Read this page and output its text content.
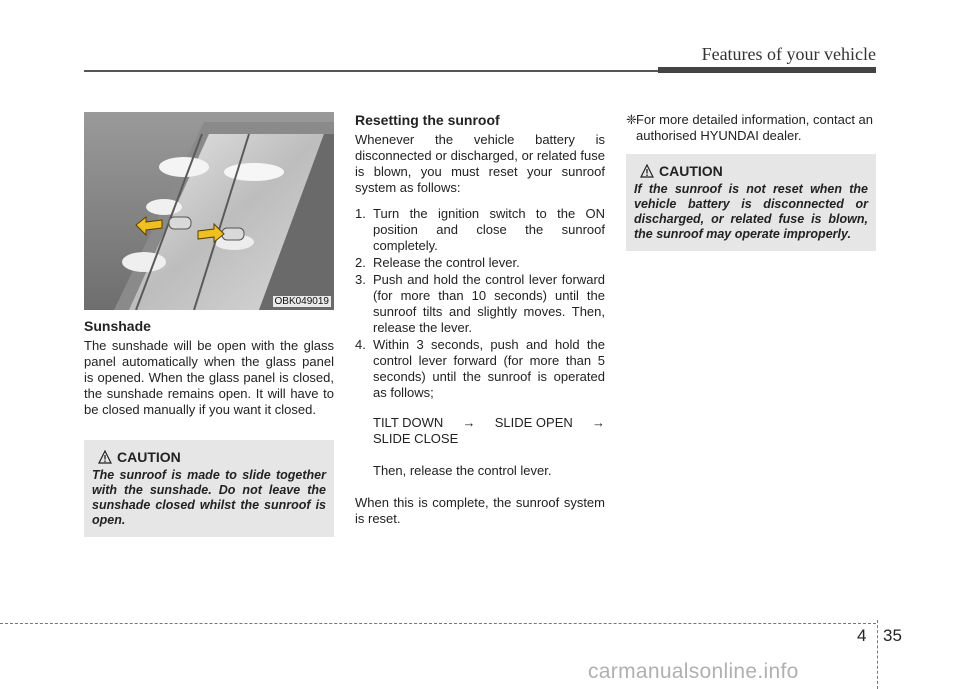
Features of your vehicle
OBK049019
Sunshade

The sunshade will be open with the glass panel automatically when the glass panel is opened. When the glass panel is closed, the sunshade remains open. It will have to be closed manually if you want it closed.

CAUTION
The sunroof is made to slide together with the sunshade. Do not leave the sunshade closed whilst the sunroof is open.
Resetting the sunroof

Whenever the vehicle battery is disconnected or discharged, or related fuse is blown, you must reset your sunroof system as follows:

1. Turn the ignition switch to the ON position and close the sunroof completely.
2. Release the control lever.
3. Push and hold the control lever forward (for more than 10 seconds) until the sunroof tilts and slightly moves. Then, release the lever.
4. Within 3 seconds, push and hold the control lever forward (for more than 5 seconds) until the sunroof is operated as follows;
TILT DOWN → SLIDE OPEN →
SLIDE CLOSE
Then, release the control lever.
When this is complete, the sunroof system is reset.
❈ For more detailed information, contact an authorised HYUNDAI dealer.
CAUTION
If the sunroof is not reset when the vehicle battery is disconnected or discharged, or related fuse is blown, the sunroof may operate improperly.
4 35
carmanualsonline.info
